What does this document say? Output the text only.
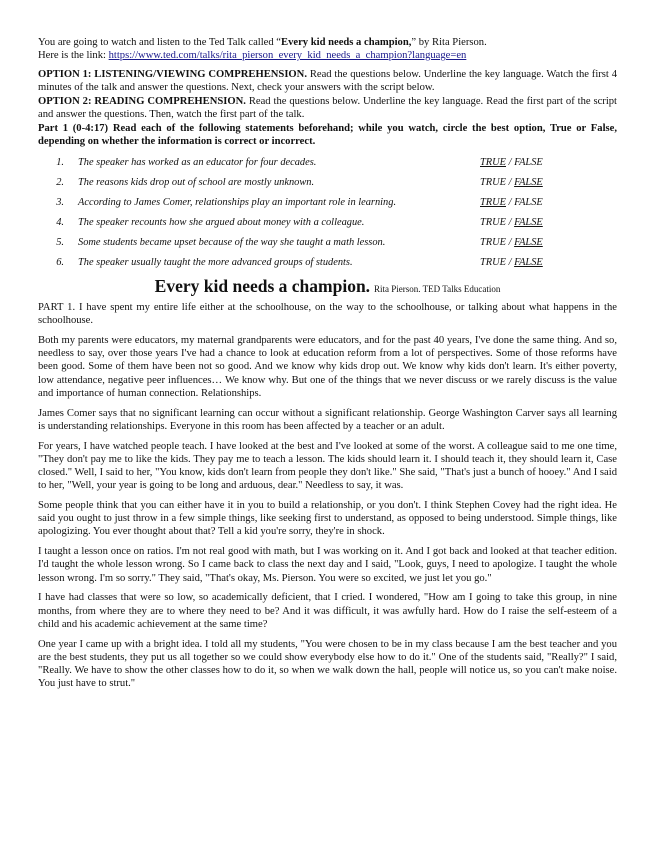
You are going to watch and listen to the Ted Talk called “Every kid needs a champion,” by Rita Pierson.

Here is the link: https://www.ted.com/talks/rita_pierson_every_kid_needs_a_champion?language=en

OPTION 1: LISTENING/VIEWING COMPREHENSION. Read the questions below. Underline the key language. Watch the first 4 minutes of the talk and answer the questions. Next, check your answers with the script below.

OPTION 2: READING COMPREHENSION. Read the questions below. Underline the key language. Read the first part of the script and answer the questions. Then, watch the first part of the talk.

Part 1 (0-4:17) Read each of the following statements beforehand; while you watch, circle the best option, True or False, depending on whether the information is correct or incorrect.

1.	The speaker has worked as an educator for four decades.	TRUE / FALSE
2.	The reasons kids drop out of school are mostly unknown.	TRUE / FALSE
3.	According to James Comer, relationships play an important role in learning.	TRUE / FALSE
4.	The speaker recounts how she argued about money with a colleague.	TRUE / FALSE
5.	Some students became upset because of the way she taught a math lesson.	TRUE / FALSE
6.	The speaker usually taught the more advanced groups of students.	TRUE / FALSE
Every kid needs a champion. Rita Pierson. TED Talks Education

PART 1. I have spent my entire life either at the schoolhouse, on the way to the schoolhouse, or talking about what happens in the schoolhouse.

Both my parents were educators, my maternal grandparents were educators, and for the past 40 years, I've done the same thing. And so, needless to say, over those years I've had a chance to look at education reform from a lot of perspectives. Some of those reforms have been good. Some of them have been not so good. And we know why kids drop out. We know why kids don't learn. It's either poverty, low attendance, negative peer influences… We know why. But one of the things that we never discuss or we rarely discuss is the value and importance of human connection. Relationships.

James Comer says that no significant learning can occur without a significant relationship. George Washington Carver says all learning is understanding relationships. Everyone in this room has been affected by a teacher or an adult.

For years, I have watched people teach. I have looked at the best and I've looked at some of the worst. A colleague said to me one time, "They don't pay me to like the kids. They pay me to teach a lesson. The kids should learn it. I should teach it, they should learn it, Case closed." Well, I said to her, "You know, kids don't learn from people they don't like." She said, "That's just a bunch of hooey." And I said to her, "Well, your year is going to be long and arduous, dear." Needless to say, it was.

Some people think that you can either have it in you to build a relationship, or you don't. I think Stephen Covey had the right idea. He said you ought to just throw in a few simple things, like seeking first to understand, as opposed to being understood. Simple things, like apologizing. You ever thought about that? Tell a kid you're sorry, they're in shock.

I taught a lesson once on ratios. I'm not real good with math, but I was working on it. And I got back and looked at that teacher edition. I'd taught the whole lesson wrong. So I came back to class the next day and I said, "Look, guys, I need to apologize. I taught the whole lesson wrong. I'm so sorry." They said, "That's okay, Ms. Pierson. You were so excited, we just let you go."

I have had classes that were so low, so academically deficient, that I cried. I wondered, "How am I going to take this group, in nine months, from where they are to where they need to be? And it was difficult, it was awfully hard. How do I raise the self-esteem of a child and his academic achievement at the same time?

One year I came up with a bright idea. I told all my students, "You were chosen to be in my class because I am the best teacher and you are the best students, they put us all together so we could show everybody else how to do it." One of the students said, "Really?" I said, "Really. We have to show the other classes how to do it, so when we walk down the hall, people will notice us, so you can't make noise. You just have to strut."
